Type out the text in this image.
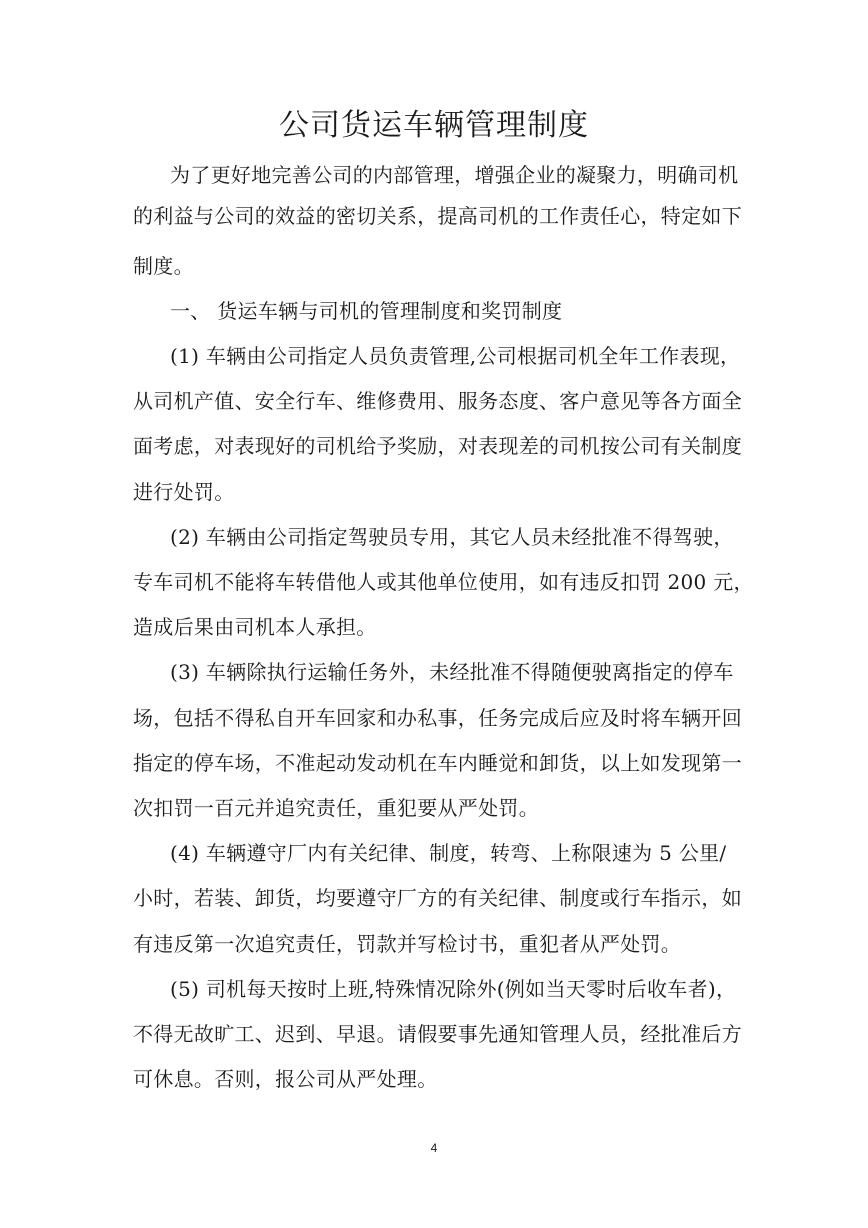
公司货运车辆管理制度
为了更好地完善公司的内部管理，增强企业的凝聚力，明确司机
的利益与公司的效益的密切关系，提高司机的工作责任心，特定如下
制度。
一、 货运车辆与司机的管理制度和奖罚制度
(1) 车辆由公司指定人员负责管理,公司根据司机全年工作表现，
从司机产值、安全行车、维修费用、服务态度、客户意见等各方面全
面考虑，对表现好的司机给予奖励，对表现差的司机按公司有关制度
进行处罚。
(2) 车辆由公司指定驾驶员专用，其它人员未经批准不得驾驶，
专车司机不能将车转借他人或其他单位使用，如有违反扣罚 200 元，
造成后果由司机本人承担。
(3) 车辆除执行运输任务外，未经批准不得随便驶离指定的停车
场，包括不得私自开车回家和办私事，任务完成后应及时将车辆开回
指定的停车场，不准起动发动机在车内睡觉和卸货，以上如发现第一
次扣罚一百元并追究责任，重犯要从严处罚。
(4) 车辆遵守厂内有关纪律、制度，转弯、上称限速为 5 公里/
小时，若装、卸货，均要遵守厂方的有关纪律、制度或行车指示，如
有违反第一次追究责任，罚款并写检讨书，重犯者从严处罚。
(5) 司机每天按时上班,特殊情况除外(例如当天零时后收车者)，
不得无故旷工、迟到、早退。请假要事先通知管理人员，经批准后方
可休息。否则，报公司从严处理。
4
